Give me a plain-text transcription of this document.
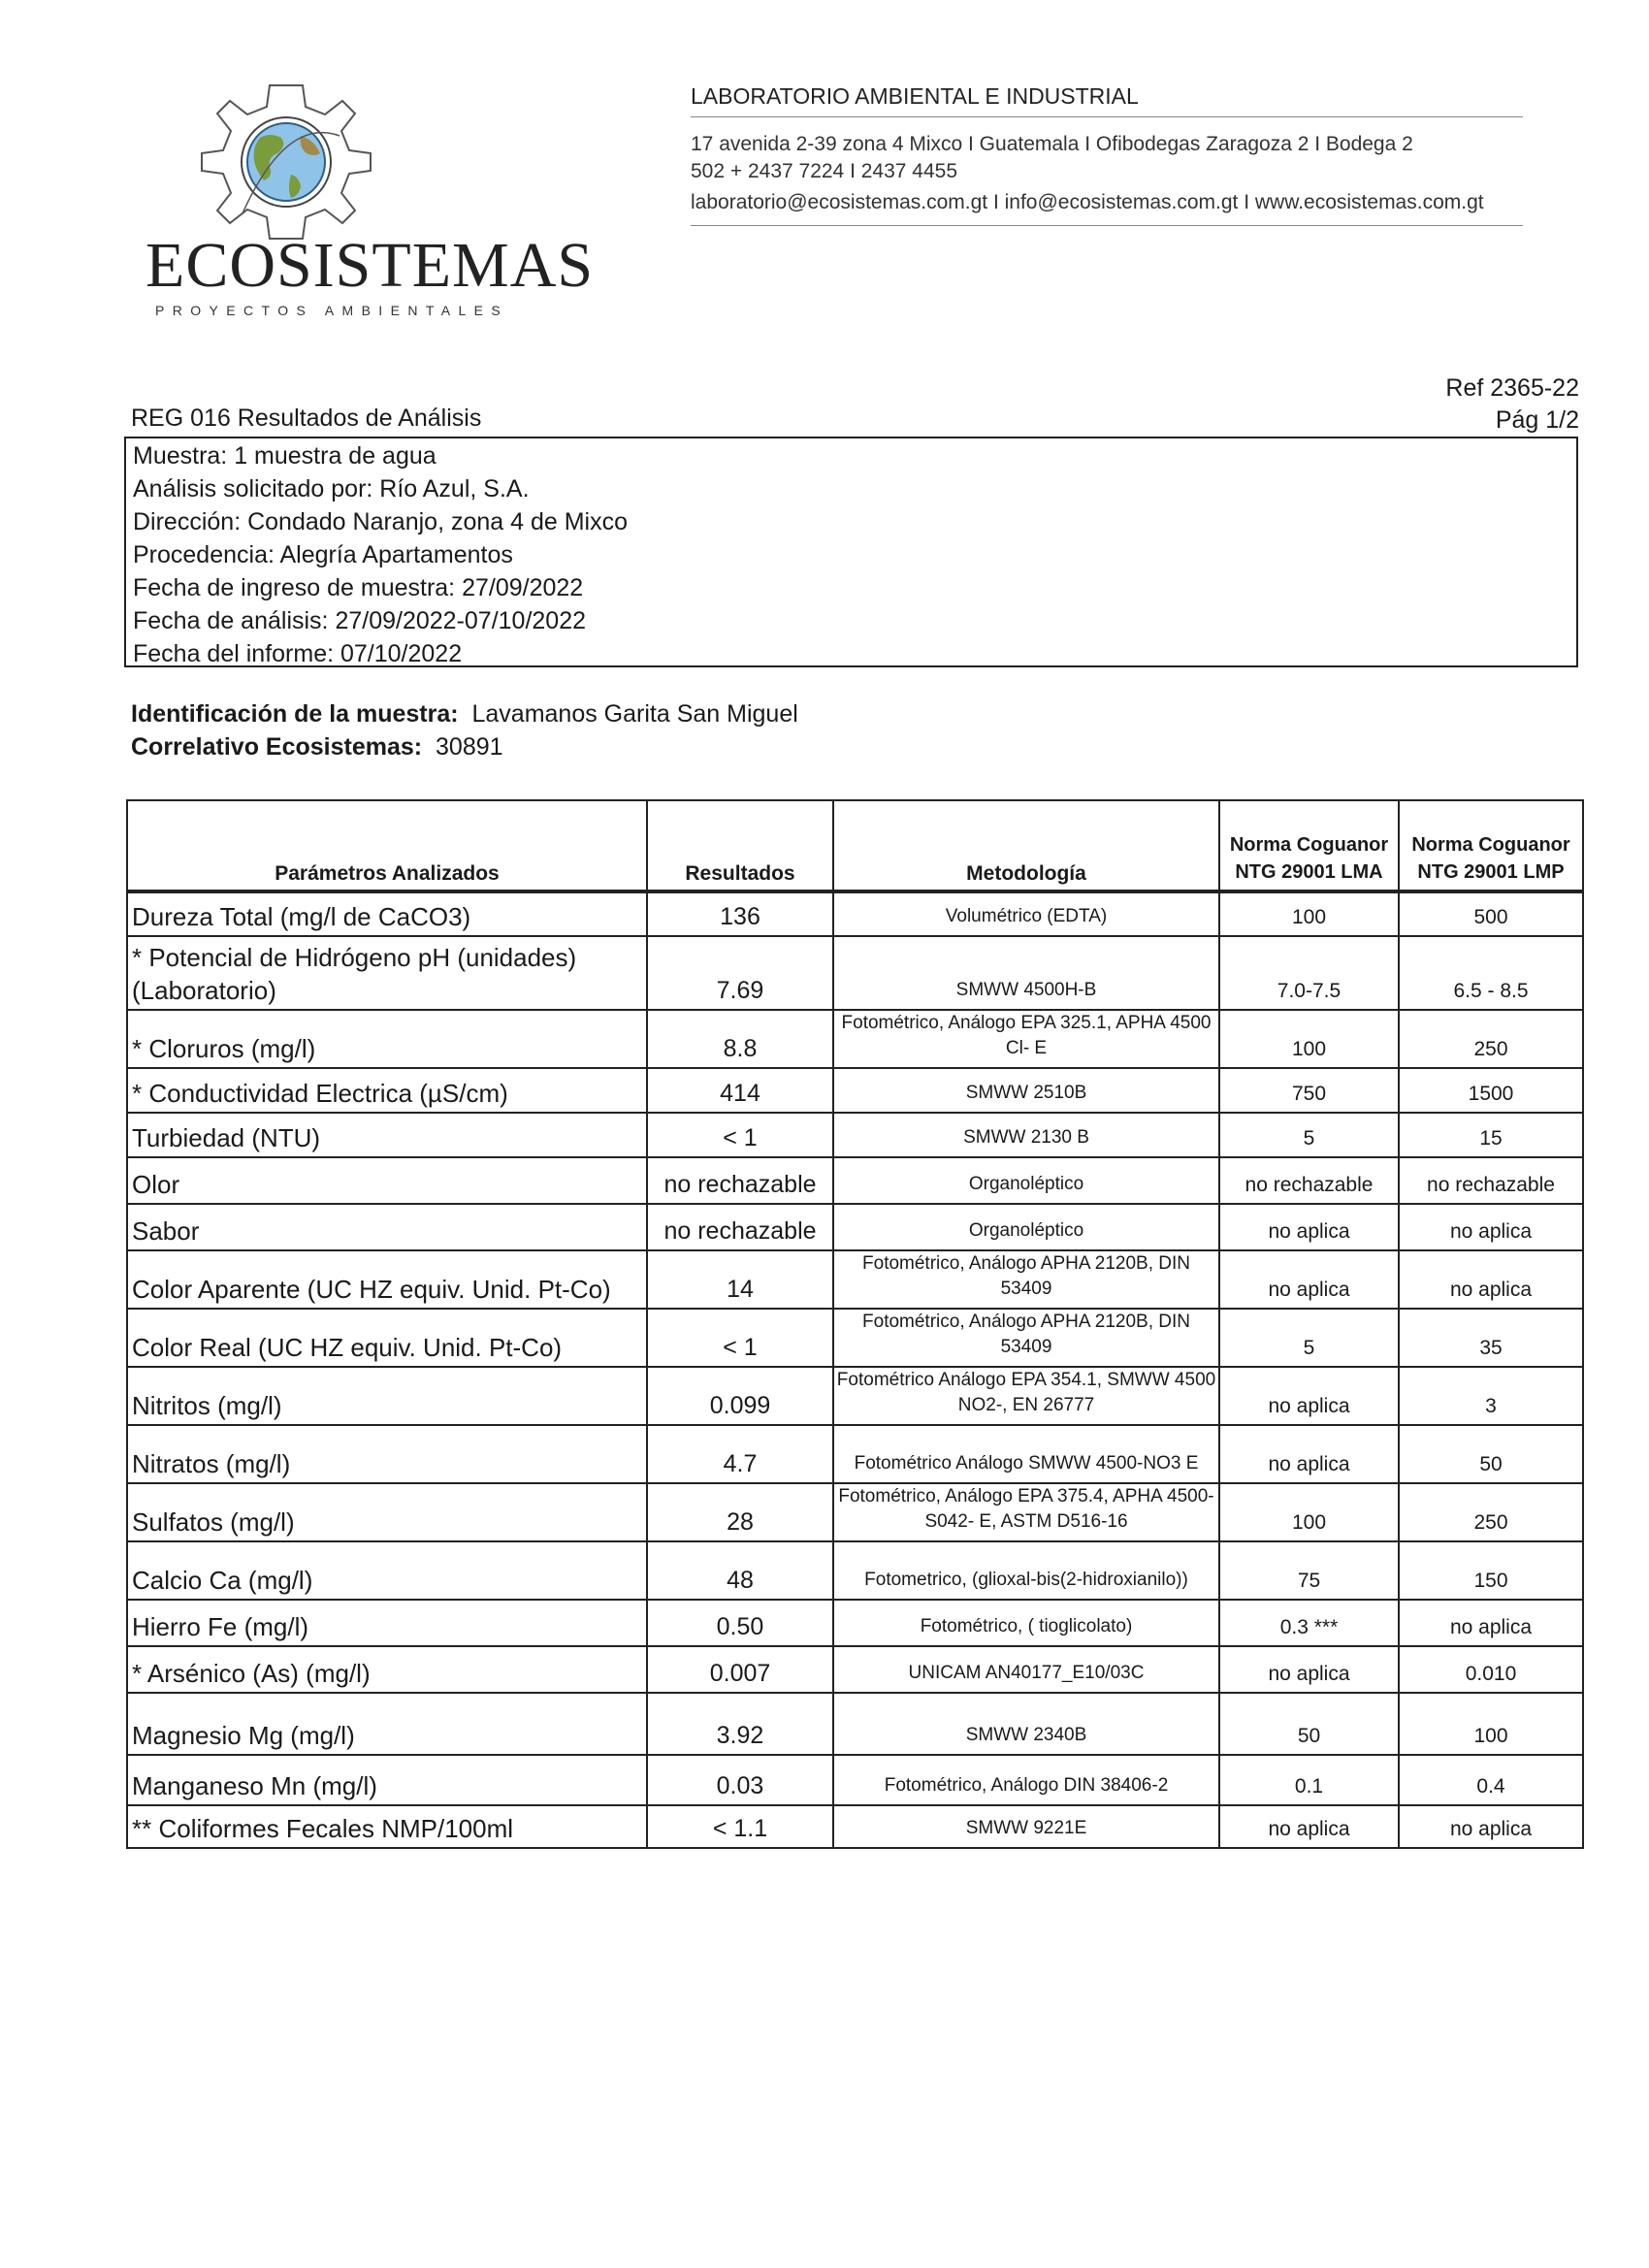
ECOSISTEMAS
PROYECTOS AMBIENTALES
LABORATORIO AMBIENTAL E INDUSTRIAL
17 avenida 2-39 zona 4 Mixco I Guatemala I Ofibodegas Zaragoza 2 I Bodega 2
502 + 2437 7224 I 2437 4455
laboratorio@ecosistemas.com.gt I info@ecosistemas.com.gt I www.ecosistemas.com.gt
Ref 2365-22
Pág 1/2
REG 016 Resultados de Análisis
Muestra: 1 muestra de agua
Análisis solicitado por: Río Azul, S.A.
Dirección: Condado Naranjo, zona 4 de Mixco
Procedencia: Alegría Apartamentos
Fecha de ingreso de muestra: 27/09/2022
Fecha de análisis: 27/09/2022-07/10/2022
Fecha del informe: 07/10/2022
Identificación de la muestra:  Lavamanos Garita San Miguel
Correlativo Ecosistemas:  30891
Parámetros Analizados	Resultados	Metodología	Norma Coguanor NTG 29001 LMA	Norma Coguanor NTG 29001 LMP
Dureza Total (mg/l de CaCO3)	136	Volumétrico (EDTA)	100	500
* Potencial de Hidrógeno pH (unidades) (Laboratorio)	7.69	SMWW 4500H-B	7.0-7.5	6.5 - 8.5
* Cloruros (mg/l)	8.8	Fotométrico, Análogo EPA 325.1, APHA 4500 Cl- E	100	250
* Conductividad Electrica (µS/cm)	414	SMWW 2510B	750	1500
Turbiedad (NTU)	< 1	SMWW 2130 B	5	15
Olor	no rechazable	Organoléptico	no rechazable	no rechazable
Sabor	no rechazable	Organoléptico	no aplica	no aplica
Color Aparente (UC HZ equiv. Unid. Pt-Co)	14	Fotométrico, Análogo APHA 2120B, DIN 53409	no aplica	no aplica
Color Real (UC HZ equiv. Unid. Pt-Co)	< 1	Fotométrico, Análogo APHA 2120B, DIN 53409	5	35
Nitritos (mg/l)	0.099	Fotométrico Análogo EPA 354.1, SMWW 4500 NO2-, EN 26777	no aplica	3
Nitratos (mg/l)	4.7	Fotométrico Análogo SMWW 4500-NO3 E	no aplica	50
Sulfatos (mg/l)	28	Fotométrico, Análogo EPA 375.4, APHA 4500-S042- E, ASTM D516-16	100	250
Calcio Ca (mg/l)	48	Fotometrico, (glioxal-bis(2-hidroxianilo))	75	150
Hierro Fe (mg/l)	0.50	Fotométrico, ( tioglicolato)	0.3 ***	no aplica
* Arsénico (As) (mg/l)	0.007	UNICAM AN40177_E10/03C	no aplica	0.010
Magnesio Mg (mg/l)	3.92	SMWW 2340B	50	100
Manganeso Mn (mg/l)	0.03	Fotométrico, Análogo DIN 38406-2	0.1	0.4
** Coliformes Fecales NMP/100ml	< 1.1	SMWW 9221E	no aplica	no aplica
